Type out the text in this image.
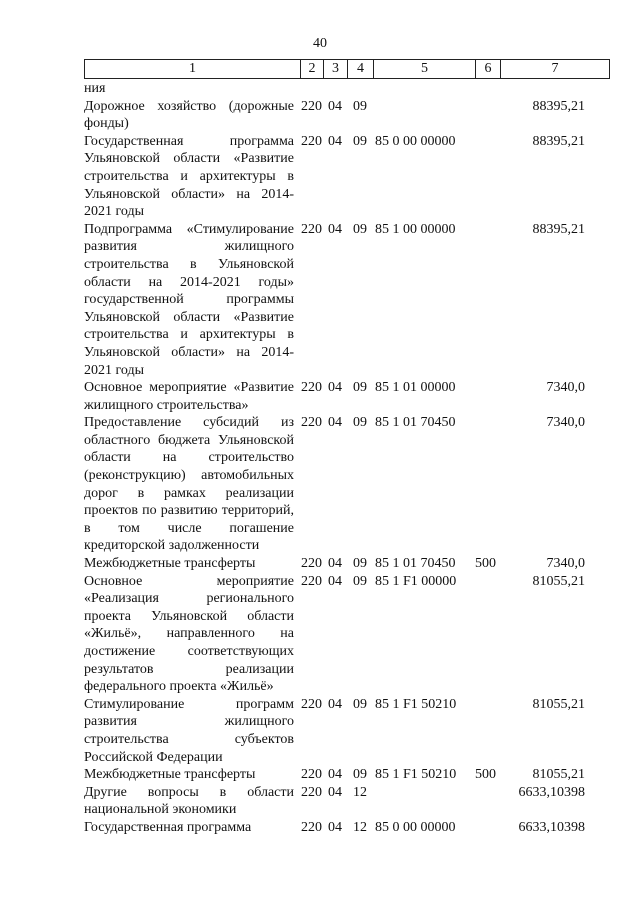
40
1	2	3	4	5	6	7
ния						
Дорожное хозяйство (дорожные фонды)	220	04	09			88395,21
Государственная программа Ульяновской области «Развитие строительства и архитектуры в Ульяновской области» на 2014-2021 годы	220	04	09	85 0 00 00000		88395,21
Подпрограмма «Стимулирование развития жилищного строительства в Ульяновской области на 2014-2021 годы» государственной программы Ульяновской области «Развитие строительства и архитектуры в Ульяновской области» на 2014-2021 годы	220	04	09	85 1 00 00000		88395,21
Основное мероприятие «Развитие жилищного строительства»	220	04	09	85 1 01 00000		7340,0
Предоставление субсидий из областного бюджета Ульяновской области на строительство (реконструкцию) автомобильных дорог в рамках реализации проектов по развитию территорий, в том числе погашение кредиторской задолженности	220	04	09	85 1 01 70450		7340,0
Межбюджетные трансферты	220	04	09	85 1 01 70450	500	7340,0
Основное мероприятие «Реализация регионального проекта Ульяновской области «Жильё», направленного на достижение соответствующих результатов реализации федерального проекта «Жильё»	220	04	09	85 1 F1 00000		81055,21
Стимулирование программ развития жилищного строительства субъектов Российской Федерации	220	04	09	85 1 F1 50210		81055,21
Межбюджетные трансферты	220	04	09	85 1 F1 50210	500	81055,21
Другие вопросы в области национальной экономики	220	04	12			6633,10398
Государственная программа	220	04	12	85 0 00 00000		6633,10398
